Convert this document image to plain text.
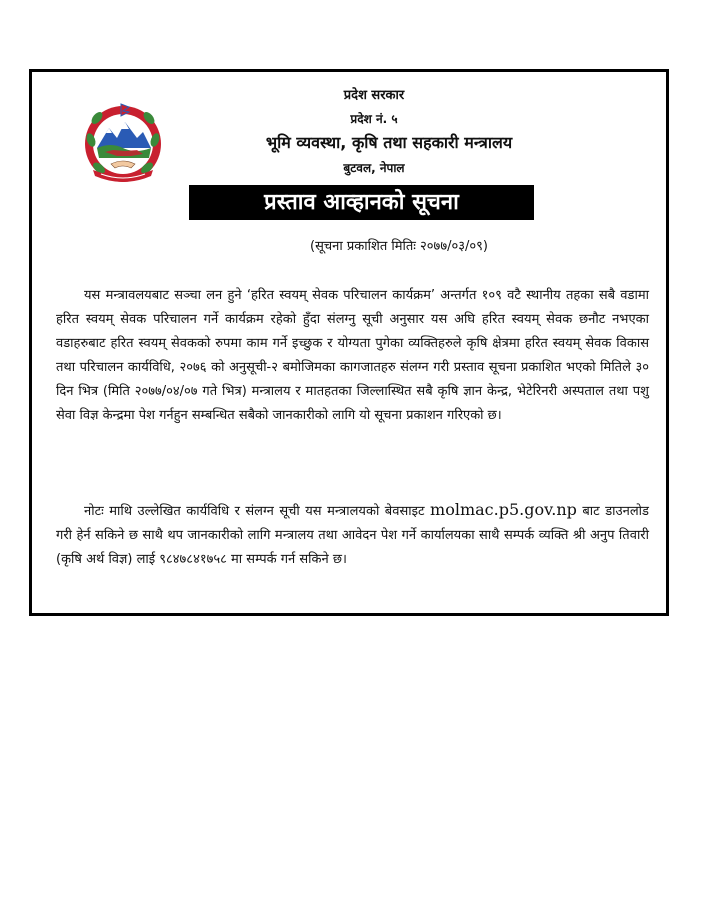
प्रदेश सरकार
प्रदेश नं. ५
भूमि व्यवस्था, कृषि तथा सहकारी मन्त्रालय
बुटवल, नेपाल
प्रस्ताव आव्हानको सूचना
(सूचना प्रकाशित मितिः २०७७/०३/०९)

यस मन्त्रावलयबाट सञ्चा लन हुने ‘हरित स्वयम् सेवक परिचालन कार्यक्रम’ अन्तर्गत १०९ वटै स्थानीय तहका सबै वडामा हरित स्वयम् सेवक परिचालन गर्ने कार्यक्रम रहेको हुँदा संलग्नु सूची अनुसार यस अघि हरित स्वयम् सेवक छनौट नभएका वडाहरुबाट हरित स्वयम् सेवकको रुपमा काम गर्ने इच्छुक र योग्यता पुगेका व्यक्तिहरुले कृषि क्षेत्रमा हरित स्वयम् सेवक विकास तथा परिचालन कार्यविधि, २०७६ को अनुसूची-२ बमोजिमका कागजातहरु संलग्न गरी प्रस्ताव सूचना प्रकाशित भएको मितिले ३० दिन भित्र (मिति २०७७/०४/०७ गते भित्र) मन्त्रालय र मातहतका जिल्लास्थित सबै कृषि ज्ञान केन्द्र, भेटेरिनरी अस्पताल तथा पशु सेवा विज्ञ केन्द्रमा पेश गर्नहुन सम्बन्धित सबैको जानकारीको लागि यो सूचना प्रकाशन गरिएको छ।

नोटः माथि उल्लेखित कार्यविधि र संलग्न सूची यस मन्त्रालयको बेवसाइट molmac.p5.gov.np बाट डाउनलोड गरी हेर्न सकिने छ साथै थप जानकारीको लागि मन्त्रालय तथा आवेदन पेश गर्ने कार्यालयका साथै सम्पर्क व्यक्ति श्री अनुप तिवारी (कृषि अर्थ विज्ञ) लाई ९८४७८४१७५८ मा सम्पर्क गर्न सकिने छ।
